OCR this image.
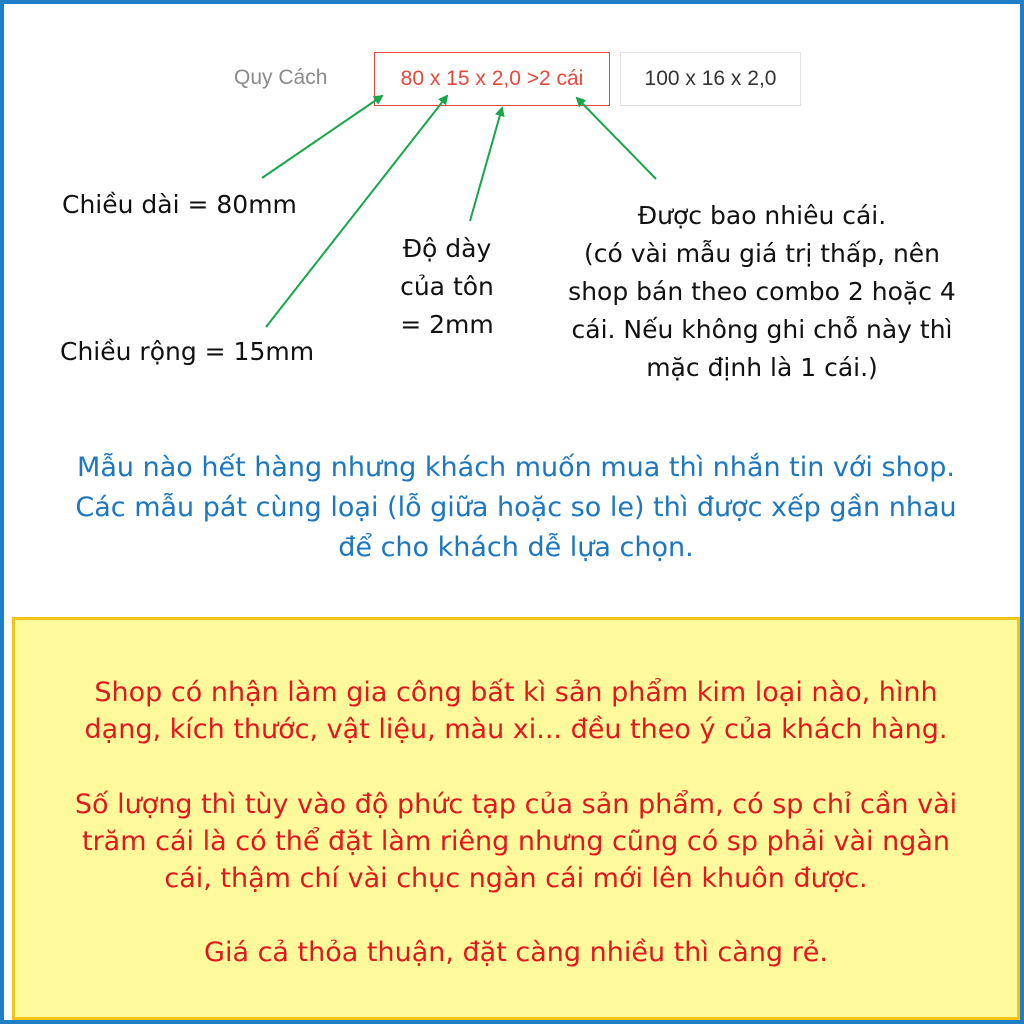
Quy Cách	80 x 15 x 2,0 >2 cái	100 x 16 x 2,0
Chiều dài = 80mm
Chiều rộng = 15mm
Độ dày
của tôn
= 2mm
Được bao nhiêu cái.
(có vài mẫu giá trị thấp, nên
shop bán theo combo 2 hoặc 4
cái. Nếu không ghi chỗ này thì
mặc định là 1 cái.)
Mẫu nào hết hàng nhưng khách muốn mua thì nhắn tin với shop.
Các mẫu pát cùng loại (lỗ giữa hoặc so le) thì được xếp gần nhau
để cho khách dễ lựa chọn.
Shop có nhận làm gia công bất kì sản phẩm kim loại nào, hình
dạng, kích thước, vật liệu, màu xi... đều theo ý của khách hàng.
Số lượng thì tùy vào độ phức tạp của sản phẩm, có sp chỉ cần vài
trăm cái là có thể đặt làm riêng nhưng cũng có sp phải vài ngàn
cái, thậm chí vài chục ngàn cái mới lên khuôn được.
Giá cả thỏa thuận, đặt càng nhiều thì càng rẻ.
